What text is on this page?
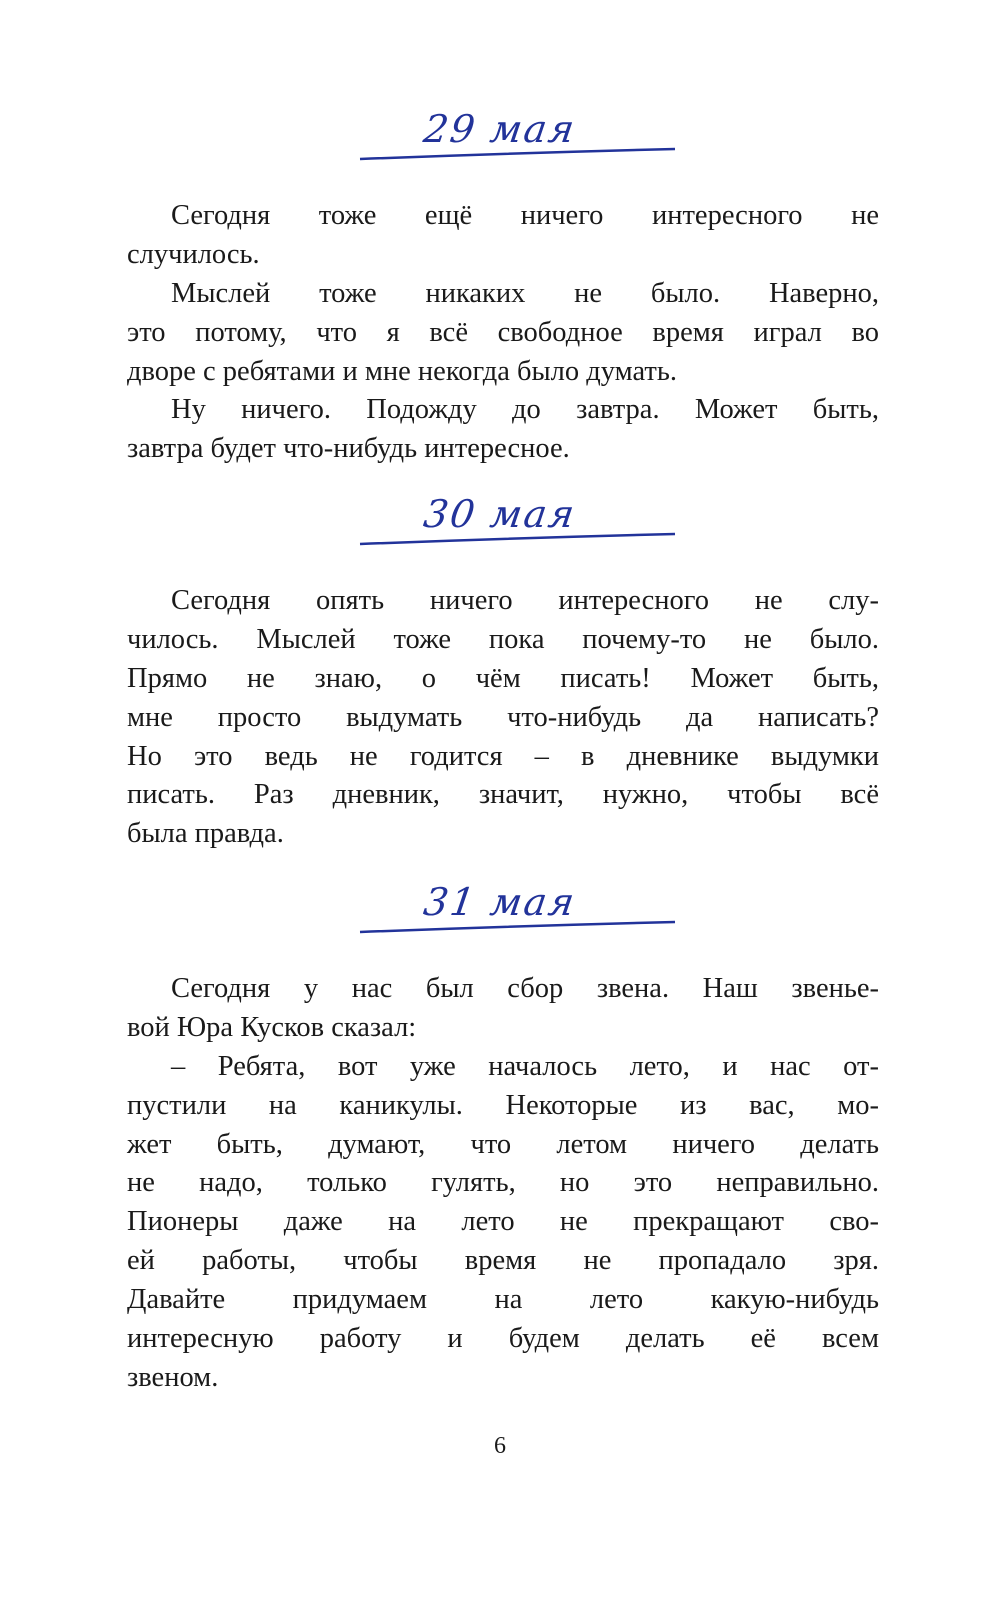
29 мая
Сегодня тоже ещё ничего интересного не
случилось.
Мыслей тоже никаких не было. Наверно,
это потому, что я всё свободное время играл во
дворе с ребятами и мне некогда было думать.
Ну ничего. Подожду до завтра. Может быть,
завтра будет что-нибудь интересное.
30 мая
Сегодня опять ничего интересного не слу-
чилось. Мыслей тоже пока почему-то не было.
Прямо не знаю, о чём писать! Может быть,
мне просто выдумать что-нибудь да написать?
Но это ведь не годится – в дневнике выдумки
писать. Раз дневник, значит, нужно, чтобы всё
была правда.
31 мая
Сегодня у нас был сбор звена. Наш звенье-
вой Юра Кусков сказал:
– Ребята, вот уже началось лето, и нас от-
пустили на каникулы. Некоторые из вас, мо-
жет быть, думают, что летом ничего делать
не надо, только гулять, но это неправильно.
Пионеры даже на лето не прекращают сво-
ей работы, чтобы время не пропадало зря.
Давайте придумаем на лето какую-нибудь
интересную работу и будем делать её всем
звеном.
6
